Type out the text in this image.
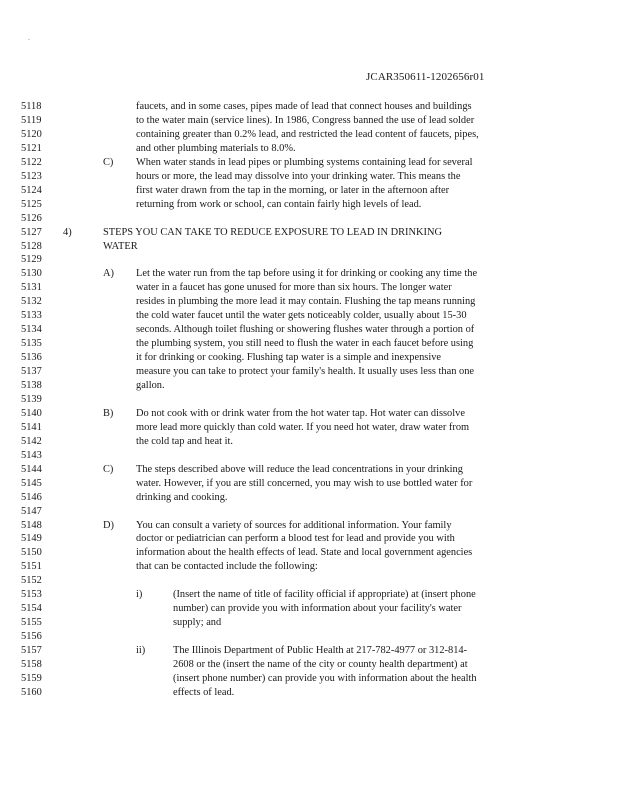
.
JCAR350611-1202656r01
5118	faucets, and in some cases, pipes made of lead that connect houses and buildings
5119	to the water main (service lines). In 1986, Congress banned the use of lead solder
5120	containing greater than 0.2% lead, and restricted the lead content of faucets, pipes,
5121	and other plumbing materials to 8.0%.
5122	C) When water stands in lead pipes or plumbing systems containing lead for several
5123	hours or more, the lead may dissolve into your drinking water. This means the
5124	first water drawn from the tap in the morning, or later in the afternoon after
5125	returning from work or school, can contain fairly high levels of lead.
5126
5127 4)	STEPS YOU CAN TAKE TO REDUCE EXPOSURE TO LEAD IN DRINKING
5128	WATER
5129
5130	A) Let the water run from the tap before using it for drinking or cooking any time the
5131	water in a faucet has gone unused for more than six hours. The longer water
5132	resides in plumbing the more lead it may contain. Flushing the tap means running
5133	the cold water faucet until the water gets noticeably colder, usually about 15-30
5134	seconds. Although toilet flushing or showering flushes water through a portion of
5135	the plumbing system, you still need to flush the water in each faucet before using
5136	it for drinking or cooking. Flushing tap water is a simple and inexpensive
5137	measure you can take to protect your family's health. It usually uses less than one
5138	gallon.
5139
5140	B) Do not cook with or drink water from the hot water tap. Hot water can dissolve
5141	more lead more quickly than cold water. If you need hot water, draw water from
5142	the cold tap and heat it.
5143
5144	C) The steps described above will reduce the lead concentrations in your drinking
5145	water. However, if you are still concerned, you may wish to use bottled water for
5146	drinking and cooking.
5147
5148	D) You can consult a variety of sources for additional information. Your family
5149	doctor or pediatrician can perform a blood test for lead and provide you with
5150	information about the health effects of lead. State and local government agencies
5151	that can be contacted include the following:
5152
5153	i)	(Insert the name of title of facility official if appropriate) at (insert phone
5154	number) can provide you with information about your facility's water
5155	supply; and
5156
5157	ii)	The Illinois Department of Public Health at 217-782-4977 or 312-814-
5158	2608 or the (insert the name of the city or county health department) at
5159	(insert phone number) can provide you with information about the health
5160	effects of lead.
